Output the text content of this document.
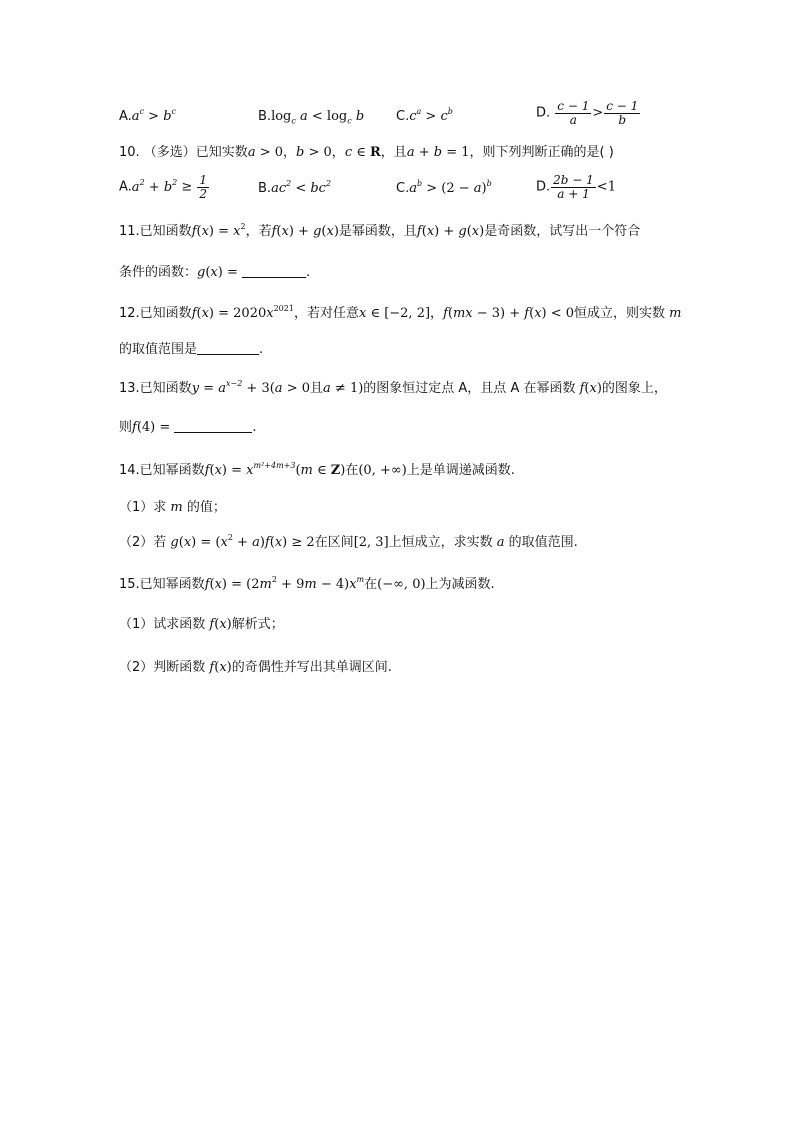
$A.a^c > b^c$	$B.\log_c$ $a < \log_c b$ $C.c^a > c^b$	D. $\frac{c - 1}{a} > \frac{c - 1}{b}$
10. （多选）已知实数a > 0，b > 0，c ∈ R，且a + b = 1，则下列判断正确的是( )
$A.a^2 + b^2 \ge \frac{1}{2}$	$B.ac^2 < bc^2$	$C.a^b > (2 - a)^b$	D. $\frac{2b - 1}{a + 1} <1$
11.已知函数$f(x) = x^2$，若f(x) + g(x)是幂函数，且f(x) + g(x)是奇函数，试写出一个符合
条件的函数：g(x) =	.
12.已知函数$f(x) = 2020x^{2021}$，若对任意x ∈ [−2, 2]，f(mx − 3) + f(x) < 0恒成立，则实数 m
的取值范围是	.
13.已知函数$y = a^{x-2} + 3(a > 0$且a ≠ 1)的图象恒过定点 A，且点 A 在幂函数 f(x)的图象上，
则f(4) =	.
14.已知幂函数$f(x) = x^{m^2+4m+3}(m$ ∈ Z)在(0, +∞)上是单调递减函数.
（1）求 m 的值；
（2）若 $g(x) = (x^2 + a)f(x) \ge 2$在区间[2, 3]上恒成立，求实数 a 的取值范围.
15.已知幂函数$f(x) = (2m^2 + 9m - 4)x^m$在(−∞, 0)上为减函数.
（1）试求函数 f(x)解析式；
（2）判断函数 f(x)的奇偶性并写出其单调区间.
